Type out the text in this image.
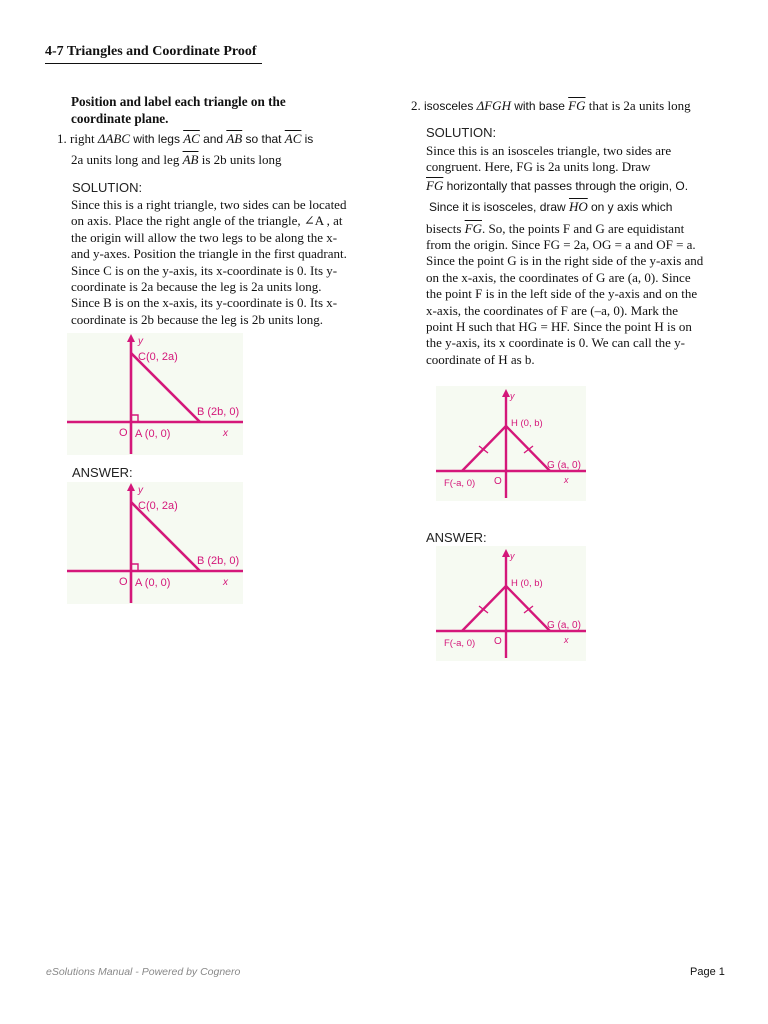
4-7 Triangles and Coordinate Proof
Position and label each triangle on the coordinate plane.
1. right ΔABC with legs $\overline{AC}$ and $\overline{AB}$ so that $\overline{AC}$ is
2a units long and leg $\overline{AB}$ is 2b units long
SOLUTION:
Since this is a right triangle, two sides can be located
on axis. Place the right angle of the triangle, ∠A , at
the origin will allow the two legs to be along the x-
and y-axes. Position the triangle in the first quadrant.
Since C is on the y-axis, its x-coordinate is 0. Its y-
coordinate is 2a because the leg is 2a units long.
Since B is on the x-axis, its y-coordinate is 0. Its x-
coordinate is 2b because the leg is 2b units long.
y
C(0, 2a)
B (2b, 0)
O A (0, 0)	x
ANSWER:
y
C(0, 2a)
B (2b, 0)
O A (0, 0)	x
2. isosceles ΔFGH with base $\overline{FG}$ that is 2a units long
SOLUTION:
Since this is an isosceles triangle, two sides are
congruent. Here, FG is 2a units long. Draw
$\overline{FG}$ horizontally that passes through the origin, O.
Since it is isosceles, draw $\overline{HO}$ on y axis which
bisects $\overline{FG}$. So, the points F and G are equidistant
from the origin. Since FG = 2a, OG = a and OF = a.
Since the point G is in the right side of the y-axis and
on the x-axis, the coordinates of G are (a, 0). Since
the point F is in the left side of the y-axis and on the
x-axis, the coordinates of F are (–a, 0). Mark the
point H such that HG = HF. Since the point H is on
the y-axis, its x coordinate is 0. We can call the y-
coordinate of H as b.
y
H (0, b)
G (a, 0)
F(-a, 0) O	x
ANSWER:
y
H (0, b)
G (a, 0)
F(-a, 0) O	x
eSolutions Manual - Powered by Cognero	Page 1
